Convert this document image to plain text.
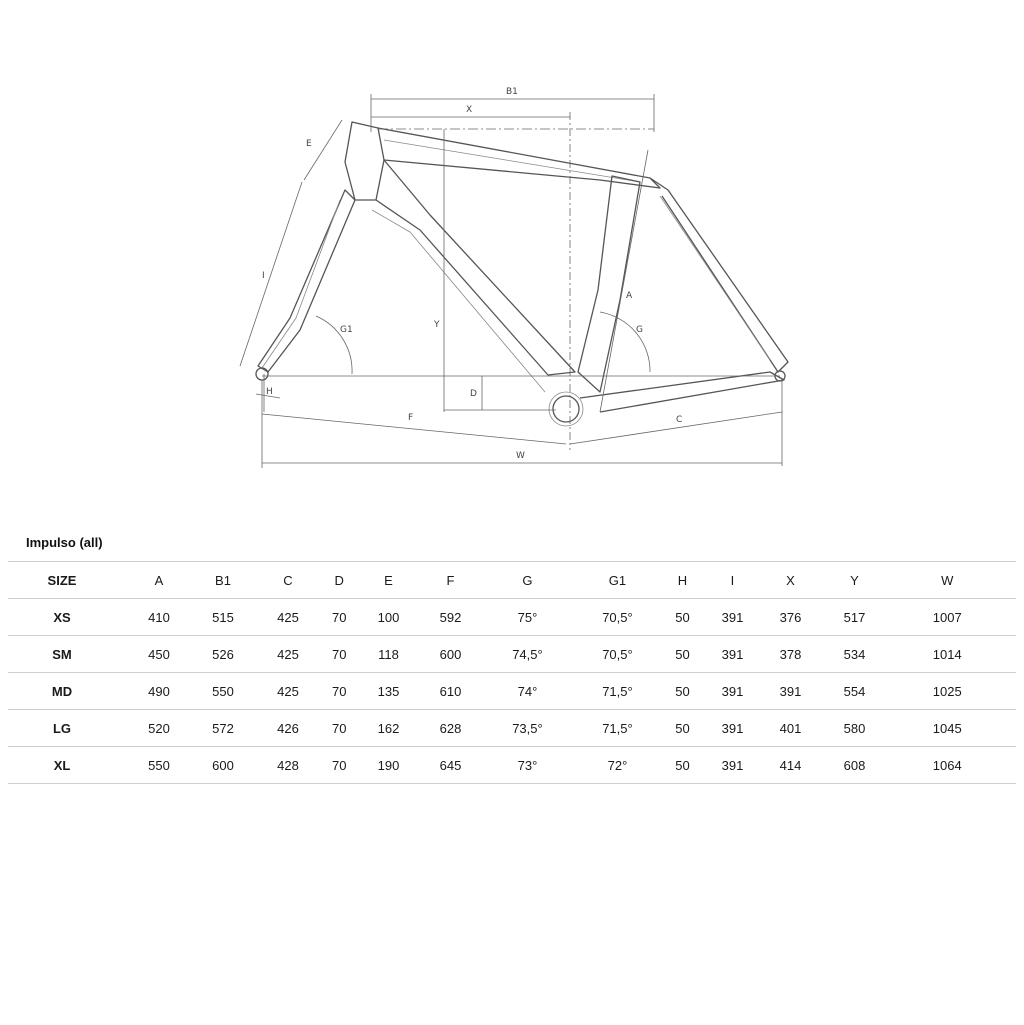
B1
X
E
I
G1	Y
A
G
D
H
F	C
W
Impulso (all)
SIZE	A	B1	C	D	E	F	G	G1	H	I	X	Y	W
XS	410	515	425	70	100	592	75°	70,5°	50	391	376	517	1007
SM	450	526	425	70	118	600	74,5°	70,5°	50	391	378	534	1014
MD	490	550	425	70	135	610	74°	71,5°	50	391	391	554	1025
LG	520	572	426	70	162	628	73,5°	71,5°	50	391	401	580	1045
XL	550	600	428	70	190	645	73°	72°	50	391	414	608	1064
